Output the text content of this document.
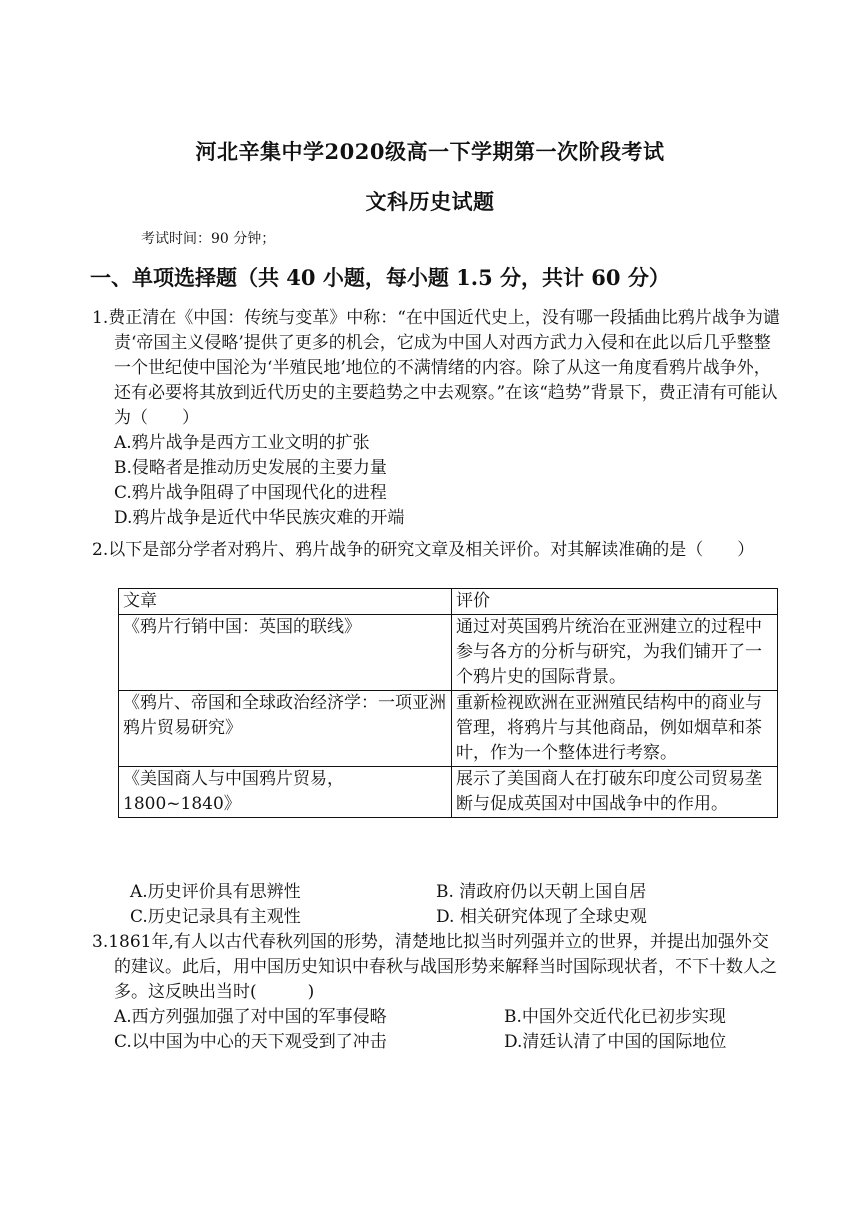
河北辛集中学2020级高一下学期第一次阶段考试
文科历史试题
考试时间：90 分钟；
一、单项选择题（共 40 小题，每小题 1.5 分，共计 60 分）
1.费正清在《中国：传统与变革》中称：“在中国近代史上，没有哪一段插曲比鸦片战争为谴责‘帝国主义侵略’提供了更多的机会，它成为中国人对西方武力入侵和在此以后几乎整整一个世纪使中国沦为‘半殖民地’地位的不满情绪的内容。除了从这一角度看鸦片战争外，还有必要将其放到近代历史的主要趋势之中去观察。”在该“趋势”背景下，费正清有可能认为（　　）
A.鸦片战争是西方工业文明的扩张
B.侵略者是推动历史发展的主要力量
C.鸦片战争阻碍了中国现代化的进程
D.鸦片战争是近代中华民族灾难的开端
2.以下是部分学者对鸦片、鸦片战争的研究文章及相关评价。对其解读准确的是（　　）
文章	评价
《鸦片行销中国：英国的联线》	通过对英国鸦片统治在亚洲建立的过程中参与各方的分析与研究，为我们铺开了一个鸦片史的国际背景。
《鸦片、帝国和全球政治经济学：一项亚洲鸦片贸易研究》	重新检视欧洲在亚洲殖民结构中的商业与管理，将鸦片与其他商品，例如烟草和茶叶，作为一个整体进行考察。
《美国商人与中国鸦片贸易，1800~1840》	展示了美国商人在打破东印度公司贸易垄断与促成英国对中国战争中的作用。
A.历史评价具有思辨性	B. 清政府仍以天朝上国自居
C.历史记录具有主观性	D. 相关研究体现了全球史观
3.1861年,有人以古代春秋列国的形势，清楚地比拟当时列强并立的世界，并提出加强外交的建议。此后，用中国历史知识中春秋与战国形势来解释当时国际现状者，不下十数人之多。这反映出当时(　　　)
A.西方列强加强了对中国的军事侵略	B.中国外交近代化已初步实现
C.以中国为中心的天下观受到了冲击	D.清廷认清了中国的国际地位
